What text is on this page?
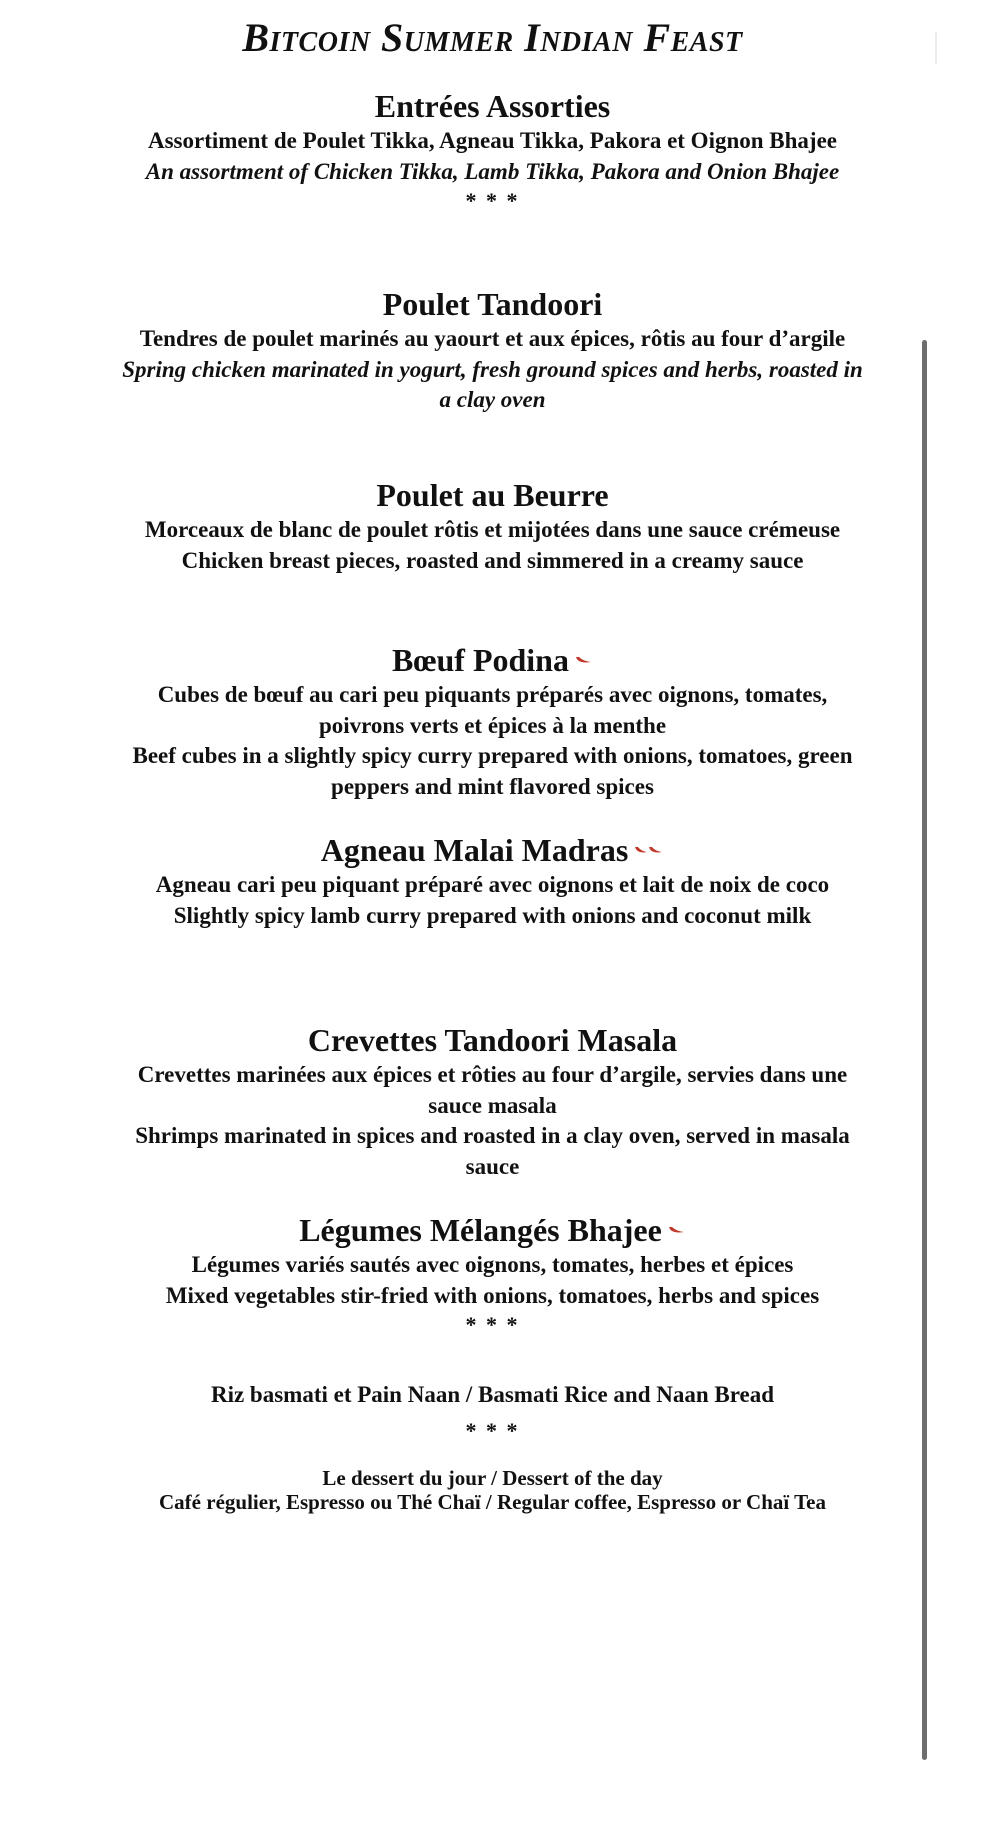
Bitcoin Summer Indian Feast

Entrées Assorties

Assortiment de Poulet Tikka, Agneau Tikka, Pakora et Oignon Bhajee

An assortment of Chicken Tikka, Lamb Tikka, Pakora and Onion Bhajee

* * *

Poulet Tandoori

Tendres de poulet marinés au yaourt et aux épices, rôtis au four d’argile

Spring chicken marinated in yogurt, fresh ground spices and herbs, roasted in a clay oven

Poulet au Beurre

Morceaux de blanc de poulet rôtis et mijotées dans une sauce crémeuse

Chicken breast pieces, roasted and simmered in a creamy sauce

Bœuf Podina

Cubes de bœuf au cari peu piquants préparés avec oignons, tomates, poivrons verts et épices à la menthe

Beef cubes in a slightly spicy curry prepared with onions, tomatoes, green peppers and mint flavored spices

Agneau Malai Madras

Agneau cari peu piquant préparé avec oignons et lait de noix de coco

Slightly spicy lamb curry prepared with onions and coconut milk

Crevettes Tandoori Masala

Crevettes marinées aux épices et rôties au four d’argile, servies dans une sauce masala

Shrimps marinated in spices and roasted in a clay oven, served in masala sauce

Légumes Mélangés Bhajee

Légumes variés sautés avec oignons, tomates, herbes et épices

Mixed vegetables stir-fried with onions, tomatoes, herbs and spices

* * *

Riz basmati et Pain Naan / Basmati Rice and Naan Bread

* * *

Le dessert du jour / Dessert of the day

Café régulier, Espresso ou Thé Chaï / Regular coffee, Espresso or Chaï Tea
